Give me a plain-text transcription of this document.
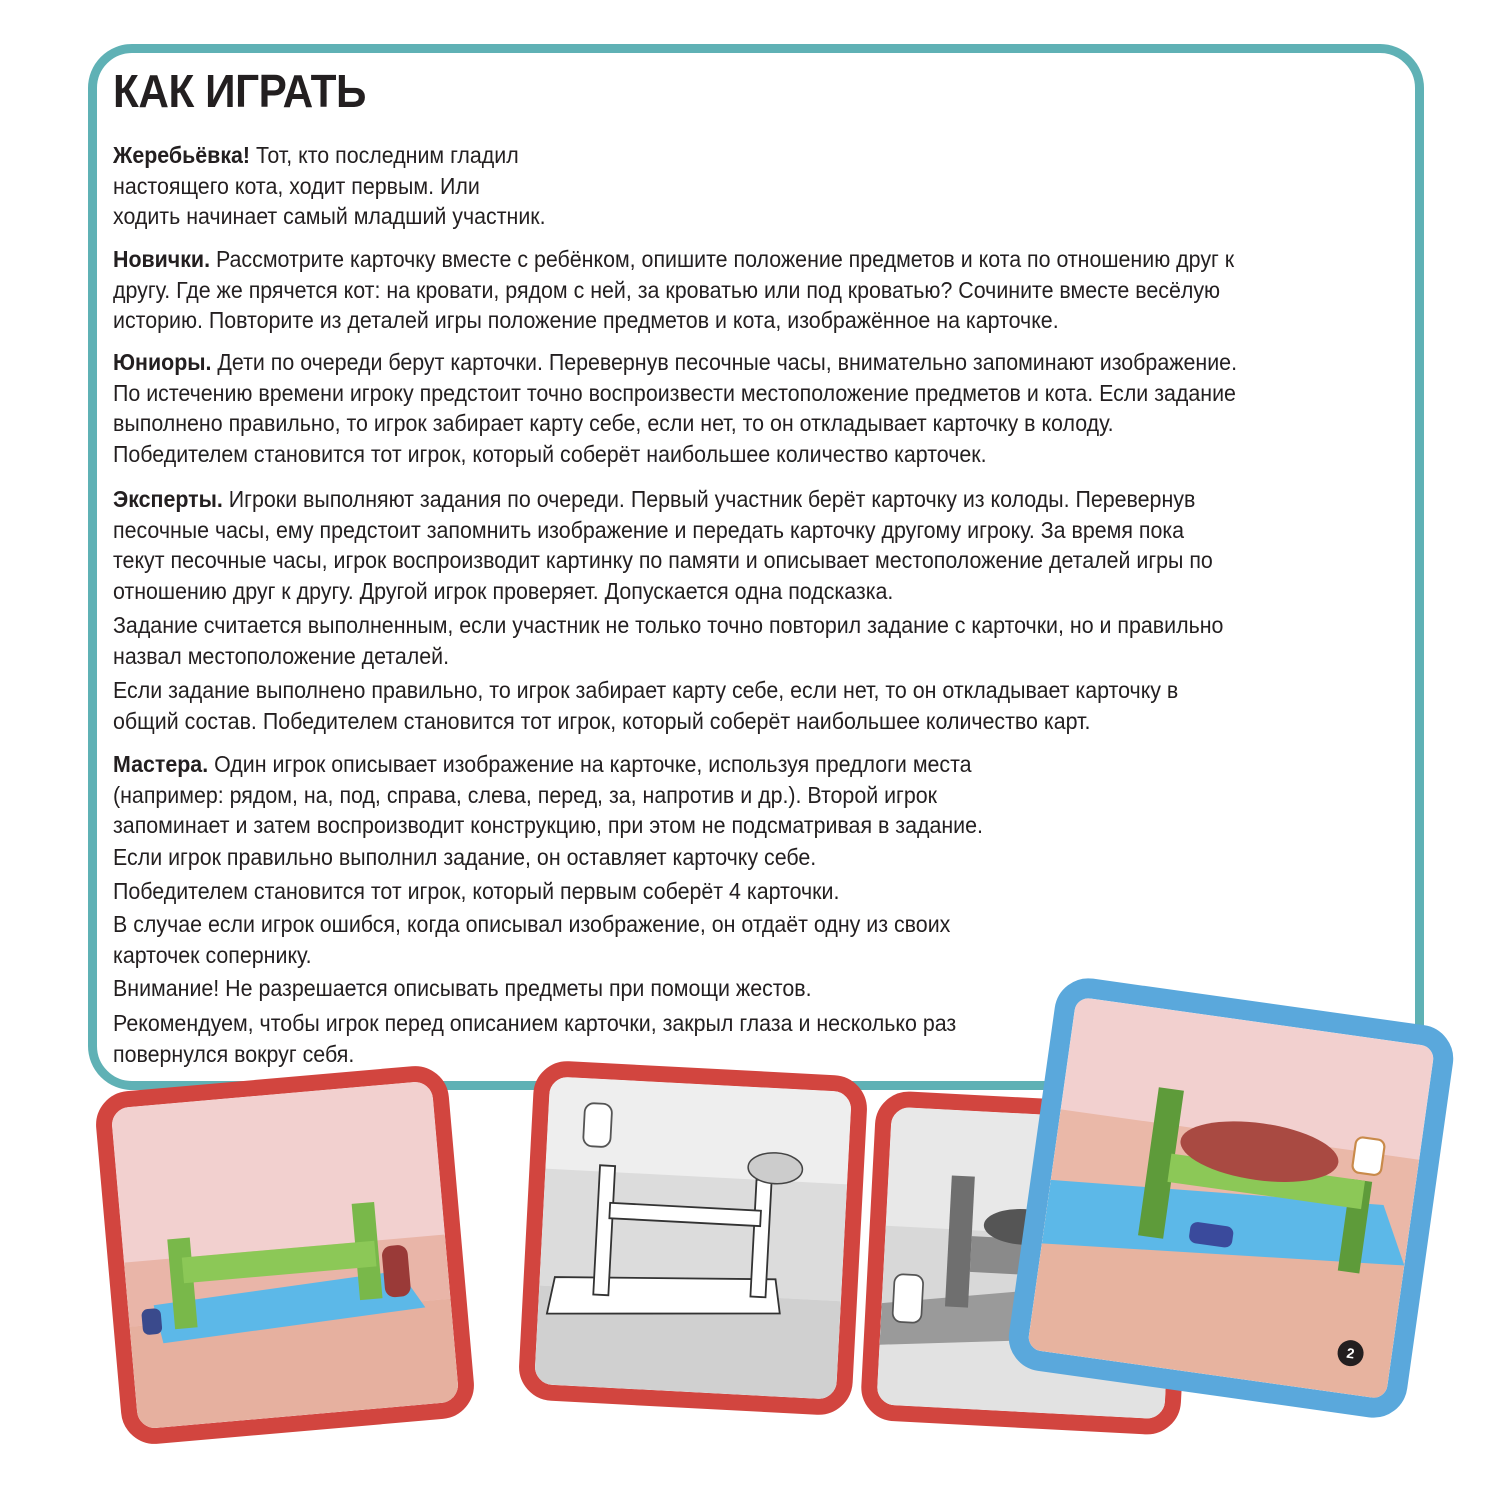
КАК ИГРАТЬ

Жеребьёвка! Тот, кто последним гладил
настоящего кота, ходит первым. Или
ходить начинает самый младший участник.

Новички. Рассмотрите карточку вместе с ребёнком, опишите положение предметов и кота по отношению друг к
другу. Где же прячется кот: на кровати, рядом с ней, за кроватью или под кроватью? Сочините вместе весёлую
историю. Повторите из деталей игры положение предметов и кота, изображённое на карточке.

Юниоры. Дети по очереди берут карточки. Перевернув песочные часы, внимательно запоминают изображение.
По истечению времени игроку предстоит точно воспроизвести местоположение предметов и кота. Если задание
выполнено правильно, то игрок забирает карту себе, если нет, то он откладывает карточку в колоду.
Победителем становится тот игрок, который соберёт наибольшее количество карточек.

Эксперты. Игроки выполняют задания по очереди. Первый участник берёт карточку из колоды. Перевернув
песочные часы, ему предстоит запомнить изображение и передать карточку другому игроку. За время пока
текут песочные часы, игрок воспроизводит картинку по памяти и описывает местоположение деталей игры по
отношению друг к другу. Другой игрок проверяет. Допускается одна подсказка.

Задание считается выполненным, если участник не только точно повторил задание с карточки, но и правильно
назвал местоположение деталей.

Если задание выполнено правильно, то игрок забирает карту себе, если нет, то он откладывает карточку в
общий состав. Победителем становится тот игрок, который соберёт наибольшее количество карт.

Мастера. Один игрок описывает изображение на карточке, используя предлоги места
(например: рядом, на, под, справа, слева, перед, за, напротив и др.). Второй игрок
запоминает и затем воспроизводит конструкцию, при этом не подсматривая в задание.

Если игрок правильно выполнил задание, он оставляет карточку себе.

Победителем становится тот игрок, который первым соберёт 4 карточки.

В случае если игрок ошибся, когда описывал изображение, он отдаёт одну из своих
карточек сопернику.

Внимание! Не разрешается описывать предметы при помощи жестов.

Рекомендуем, чтобы игрок перед описанием карточки, закрыл глаза и несколько раз
повернулся вокруг себя.

2
